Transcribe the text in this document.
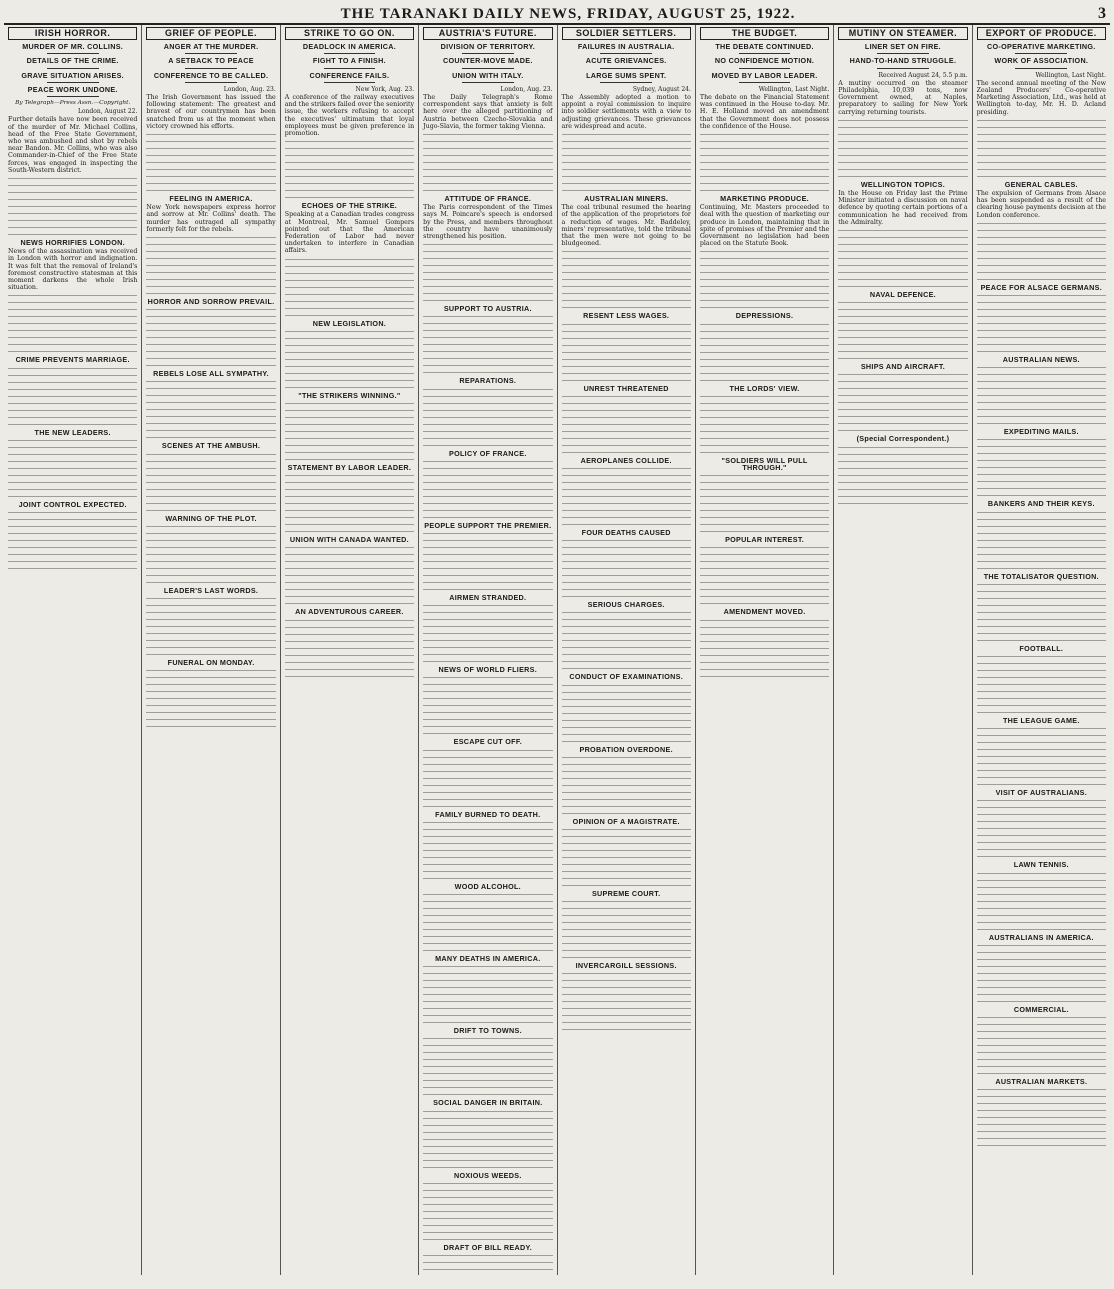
THE TARANAKI DAILY NEWS, FRIDAY, AUGUST 25, 1922.	3
IRISH HORROR.
MURDER OF MR. COLLINS.
DETAILS OF THE CRIME.
GRAVE SITUATION ARISES.
PEACE WORK UNDONE.
By Telegraph—Press Assn.—Copyright.
London, August 22.

Further details have now been received of the murder of Mr. Michael Collins, head of the Free State Government, who was ambushed and shot by rebels near Bandon. Mr. Collins, who was also Commander-in-Chief of the Free State forces, was engaged in inspecting the South-Western district.

NEWS HORRIFIES LONDON.

News of the assassination was received in London with horror and indignation. It was felt that the removal of Ireland's foremost constructive statesman at this moment darkens the whole Irish situation.

CRIME PREVENTS MARRIAGE.
THE NEW LEADERS.
JOINT CONTROL EXPECTED.
GRIEF OF PEOPLE.
ANGER AT THE MURDER.
A SETBACK TO PEACE
CONFERENCE TO BE CALLED.
London, Aug. 23.

The Irish Government has issued the following statement: The greatest and bravest of our countrymen has been snatched from us at the moment when victory crowned his efforts.

FEELING IN AMERICA.

New York newspapers express horror and sorrow at Mr. Collins' death. The murder has outraged all sympathy formerly felt for the rebels.

HORROR AND SORROW PREVAIL.
REBELS LOSE ALL SYMPATHY.
SCENES AT THE AMBUSH.
WARNING OF THE PLOT.
LEADER'S LAST WORDS.
FUNERAL ON MONDAY.
STRIKE TO GO ON.
DEADLOCK IN AMERICA.
FIGHT TO A FINISH.
CONFERENCE FAILS.
New York, Aug. 23.

A conference of the railway executives and the strikers failed over the seniority issue, the workers refusing to accept the executives' ultimatum that loyal employees must be given preference in promotion.

ECHOES OF THE STRIKE.

Speaking at a Canadian trades congress at Montreal, Mr. Samuel Gompers pointed out that the American Federation of Labor had never undertaken to interfere in Canadian affairs.

NEW LEGISLATION.
"THE STRIKERS WINNING."
STATEMENT BY LABOR LEADER.
UNION WITH CANADA WANTED.
AN ADVENTUROUS CAREER.
AUSTRIA'S FUTURE.
DIVISION OF TERRITORY.
COUNTER-MOVE MADE.
UNION WITH ITALY.
London, Aug. 23.

The Daily Telegraph's Rome correspondent says that anxiety is felt here over the alleged partitioning of Austria between Czecho-Slovakia and Jugo-Slavia, the former taking Vienna.

ATTITUDE OF FRANCE.

The Paris correspondent of the Times says M. Poincare's speech is endorsed by the Press, and members throughout the country have unanimously strengthened his position.

SUPPORT TO AUSTRIA.
REPARATIONS.
POLICY OF FRANCE.
PEOPLE SUPPORT THE PREMIER.
AIRMEN STRANDED.
NEWS OF WORLD FLIERS.
ESCAPE CUT OFF.
FAMILY BURNED TO DEATH.
WOOD ALCOHOL.
MANY DEATHS IN AMERICA.
DRIFT TO TOWNS.
SOCIAL DANGER IN BRITAIN.
NOXIOUS WEEDS.
DRAFT OF BILL READY.
SOLDIER SETTLERS.
FAILURES IN AUSTRALIA.
ACUTE GRIEVANCES.
LARGE SUMS SPENT.
Sydney, August 24.

The Assembly adopted a motion to appoint a royal commission to inquire into soldier settlements with a view to adjusting grievances. These grievances are widespread and acute.

AUSTRALIAN MINERS.

The coal tribunal resumed the hearing of the application of the proprietors for a reduction of wages. Mr. Baddeley, miners' representative, told the tribunal that the men were not going to be bludgeoned.

RESENT LESS WAGES.
UNREST THREATENED
AEROPLANES COLLIDE.
FOUR DEATHS CAUSED
SERIOUS CHARGES.
CONDUCT OF EXAMINATIONS.
PROBATION OVERDONE.
OPINION OF A MAGISTRATE.
SUPREME COURT.
INVERCARGILL SESSIONS.
THE BUDGET.
THE DEBATE CONTINUED.
NO CONFIDENCE MOTION.
MOVED BY LABOR LEADER.
Wellington, Last Night.

The debate on the Financial Statement was continued in the House to-day. Mr. H. E. Holland moved an amendment that the Government does not possess the confidence of the House.

MARKETING PRODUCE.

Continuing, Mr. Masters proceeded to deal with the question of marketing our produce in London, maintaining that in spite of promises of the Premier and the Government no legislation had been placed on the Statute Book.

DEPRESSIONS.
THE LORDS' VIEW.
"SOLDIERS WILL PULL THROUGH."
POPULAR INTEREST.
AMENDMENT MOVED.
MUTINY ON STEAMER.
LINER SET ON FIRE.
HAND-TO-HAND STRUGGLE.
Received August 24, 5.5 p.m.

A mutiny occurred on the steamer Philadelphia, 10,039 tons, now Government owned, at Naples, preparatory to sailing for New York carrying returning tourists.

WELLINGTON TOPICS.

In the House on Friday last the Prime Minister initiated a discussion on naval defence by quoting certain portions of a communication he had received from the Admiralty.

NAVAL DEFENCE.
SHIPS AND AIRCRAFT.
(Special Correspondent.)
EXPORT OF PRODUCE.
CO-OPERATIVE MARKETING.
WORK OF ASSOCIATION.
Wellington, Last Night.

The second annual meeting of the New Zealand Producers' Co-operative Marketing Association, Ltd., was held at Wellington to-day, Mr. H. D. Acland presiding.

GENERAL CABLES.

The expulsion of Germans from Alsace has been suspended as a result of the clearing house payments decision at the London conference.

PEACE FOR ALSACE GERMANS.
AUSTRALIAN NEWS.
EXPEDITING MAILS.
BANKERS AND THEIR KEYS.
THE TOTALISATOR QUESTION.
FOOTBALL.
THE LEAGUE GAME.
VISIT OF AUSTRALIANS.
LAWN TENNIS.
AUSTRALIANS IN AMERICA.
COMMERCIAL.
AUSTRALIAN MARKETS.
